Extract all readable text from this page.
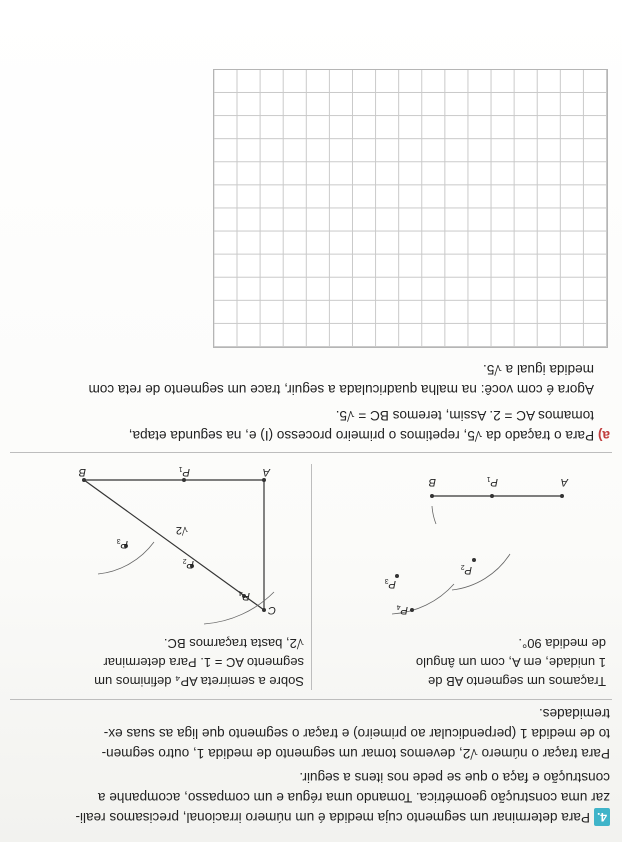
4.Para determinar um segmento cuja medida é um número irracional, precisamos reali-
zar uma construção geométrica. Tomando uma régua e um compasso, acompanhe a
construção e faça o que se pede nos itens a seguir.
Para traçar o número √2, devemos tomar um segmento de medida 1, outro segmen-
to de medida 1 (perpendicular ao primeiro) e traçar o segmento que liga as suas ex-
tremidades.
Traçamos um segmento AB de
1 unidade, em A, com um ângulo
de medida 90°.
Sobre a semirreta AP₄ definimos um
segmento AC = 1. Para determinar
√2, basta traçarmos BC.
A
$P_1$
B
$P_2$
$P_3$
$P_4$
A
$P_1$
B
C
$P_2$
$P_3$
$P_4$
√2
a) Para o traçado da √5, repetimos o primeiro processo (I) e, na segunda etapa,
tomamos AC = 2. Assim, teremos BC = √5.
Agora é com você: na malha quadriculada a seguir, trace um segmento de reta com
medida igual a √5.
